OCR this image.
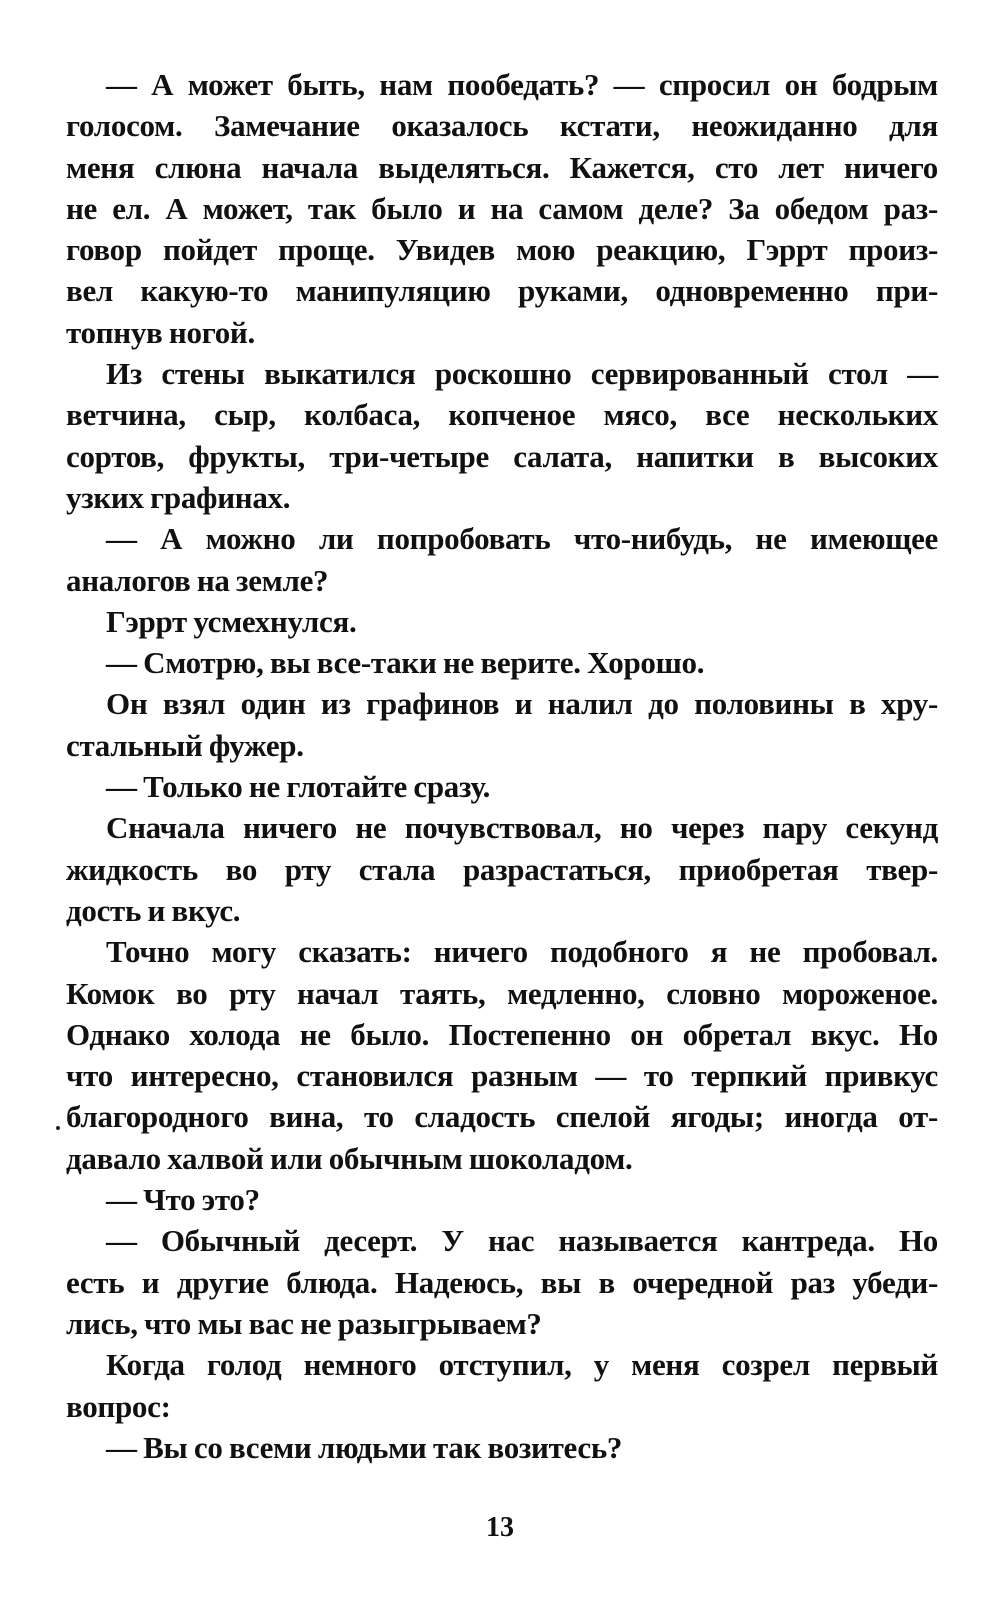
— А может быть, нам пообедать? — спросил он бодрым
голосом. Замечание оказалось кстати, неожиданно для
меня слюна начала выделяться. Кажется, сто лет ничего
не ел. А может, так было и на самом деле? За обедом раз-
говор пойдет проще. Увидев мою реакцию, Гэррт произ-
вел какую-то манипуляцию руками, одновременно при-
топнув ногой.

Из стены выкатился роскошно сервированный стол —
ветчина, сыр, колбаса, копченое мясо, все нескольких
сортов, фрукты, три-четыре салата, напитки в высоких
узких графинах.

— А можно ли попробовать что-нибудь, не имеющее
аналогов на земле?

Гэррт усмехнулся.

— Смотрю, вы все-таки не верите. Хорошо.

Он взял один из графинов и налил до половины в хру-
стальный фужер.

— Только не глотайте сразу.

Сначала ничего не почувствовал, но через пару секунд
жидкость во рту стала разрастаться, приобретая твер-
дость и вкус.

Точно могу сказать: ничего подобного я не пробовал.
Комок во рту начал таять, медленно, словно мороженое.
Однако холода не было. Постепенно он обретал вкус. Но
что интересно, становился разным — то терпкий привкус
благородного вина, то сладость спелой ягоды; иногда от-
давало халвой или обычным шоколадом.

— Что это?

— Обычный десерт. У нас называется кантреда. Но
есть и другие блюда. Надеюсь, вы в очередной раз убеди-
лись, что мы вас не разыгрываем?

Когда голод немного отступил, у меня созрел первый
вопрос:

— Вы со всеми людьми так возитесь?

13
